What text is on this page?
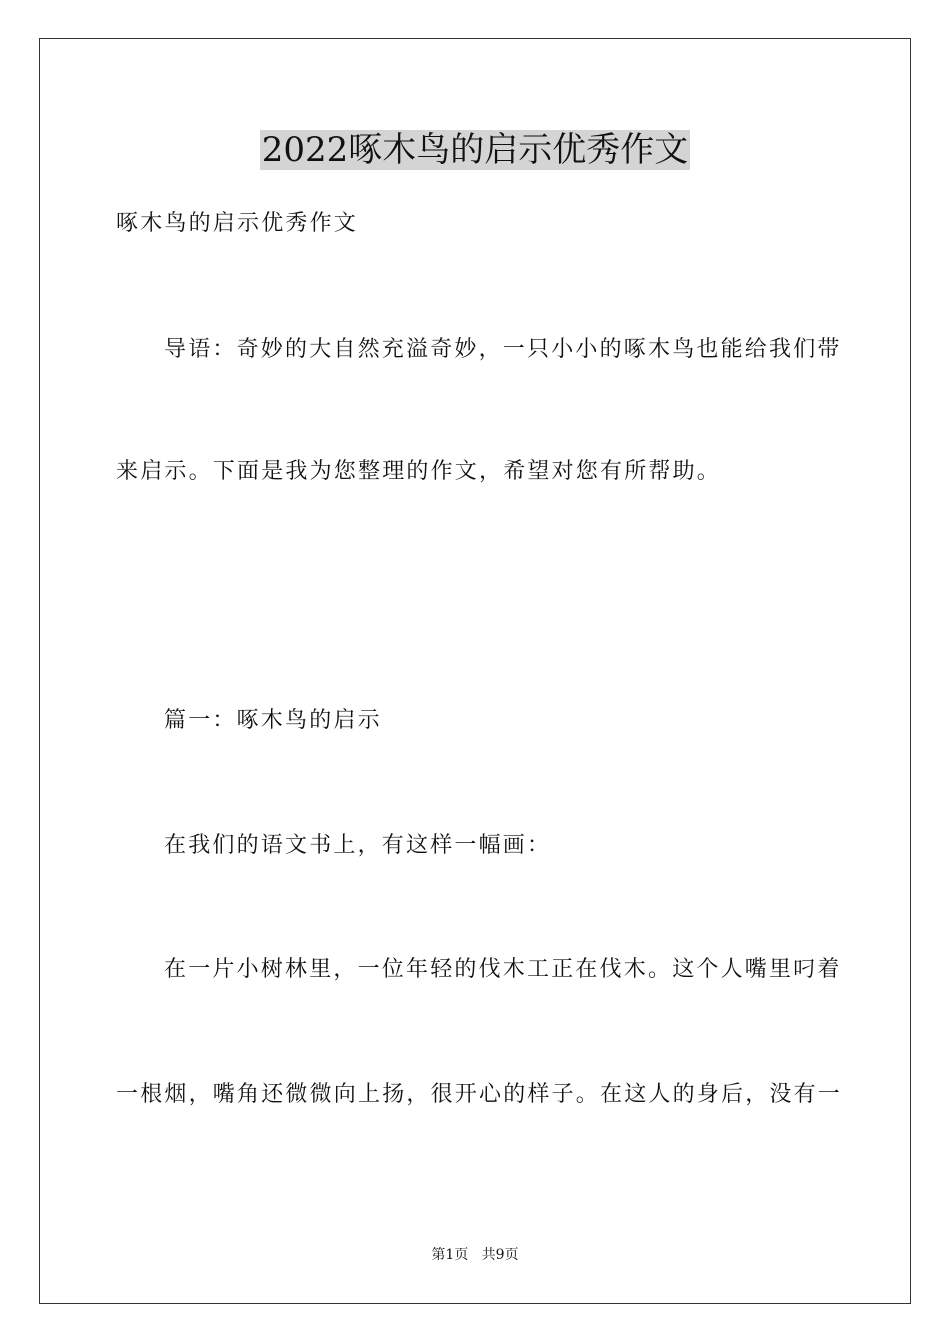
2022啄木鸟的启示优秀作文

啄木鸟的启示优秀作文

导语：奇妙的大自然充溢奇妙，一只小小的啄木鸟也能给我们带

来启示。下面是我为您整理的作文，希望对您有所帮助。

篇一：啄木鸟的启示

在我们的语文书上，有这样一幅画：

在一片小树林里，一位年轻的伐木工正在伐木。这个人嘴里叼着

一根烟，嘴角还微微向上扬，很开心的样子。在这人的身后，没有一

第1页   共9页
